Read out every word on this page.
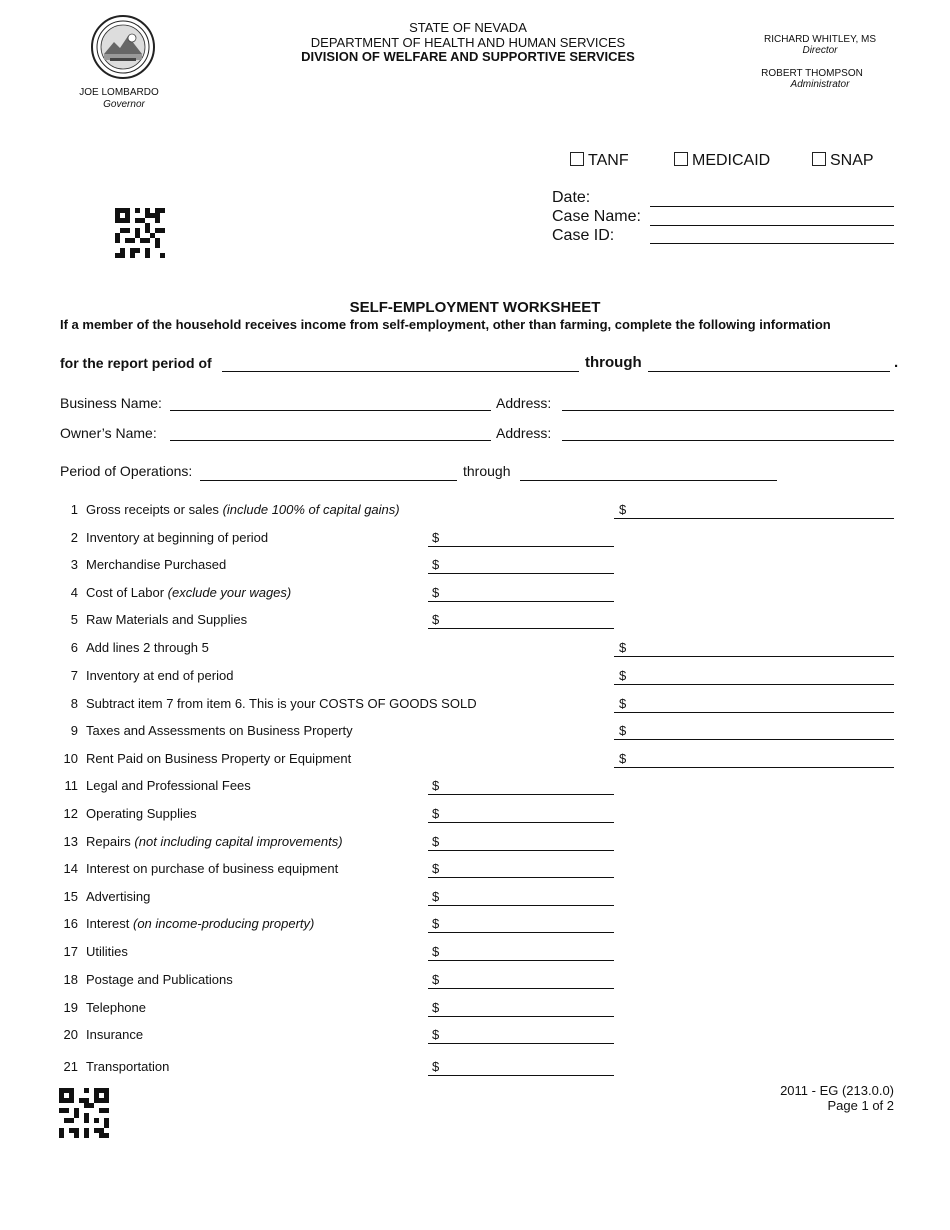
JOE LOMBARDO
Governor
STATE OF NEVADA
DEPARTMENT OF HEALTH AND HUMAN SERVICES
DIVISION OF WELFARE AND SUPPORTIVE SERVICES
RICHARD WHITLEY, MS
Director
ROBERT THOMPSON
Administrator
TANF	MEDICAID	SNAP
Date:
Case Name:
Case ID:
SELF-EMPLOYMENT WORKSHEET
If a member of the household receives income from self-employment, other than farming, complete the following information
for the report period of	through	.
Business Name:	Address:
Owner’s Name:	Address:
Period of Operations:	through
1 Gross receipts or sales (include 100% of capital gains)	$
2 Inventory at beginning of period	$
3 Merchandise Purchased	$
4 Cost of Labor (exclude your wages)	$
5 Raw Materials and Supplies	$
6 Add lines 2 through 5	$
7 Inventory at end of period	$
8 Subtract item 7 from item 6. This is your COSTS OF GOODS SOLD	$
9 Taxes and Assessments on Business Property	$
10 Rent Paid on Business Property or Equipment	$
11 Legal and Professional Fees	$
12 Operating Supplies	$
13 Repairs (not including capital improvements)	$
14 Interest on purchase of business equipment	$
15 Advertising	$
16 Interest (on income-producing property)	$
17 Utilities	$
18 Postage and Publications	$
19 Telephone	$
20 Insurance	$
21 Transportation	$
2011 - EG (213.0.0)
Page 1 of 2
